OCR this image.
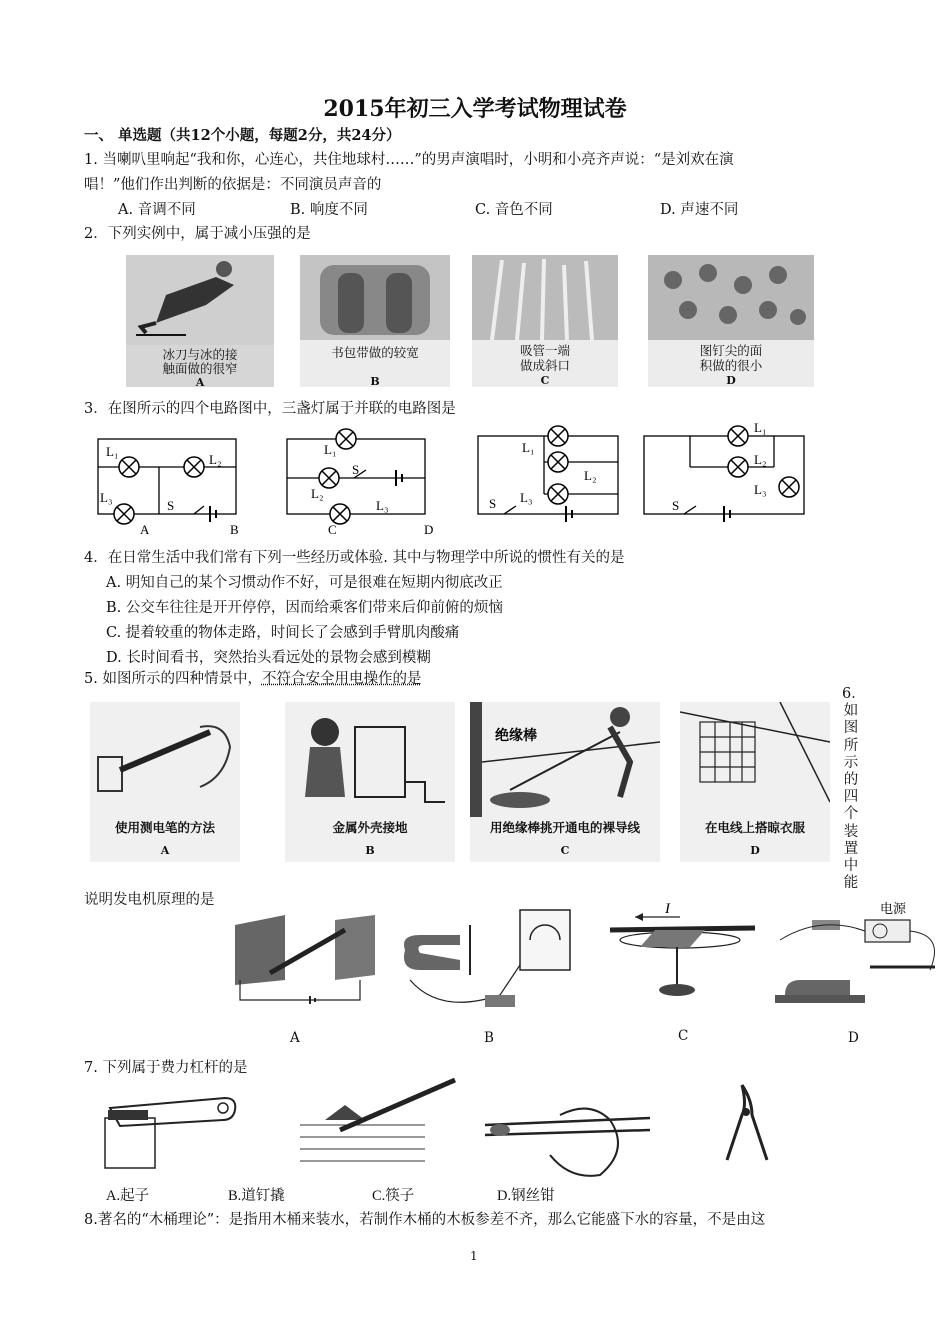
2015年初三入学考试物理试卷
一、 单选题（共12个小题，每题2分，共24分）
1. 当喇叭里响起“我和你，心连心，共住地球村……”的男声演唱时，小明和小亮齐声说：“是刘欢在演
唱！”他们作出判断的依据是：不同演员声音的
A. 音调不同	B. 响度不同	C. 音色不同	D. 声速不同
2．下列实例中，属于减小压强的是
冰刀与冰的接
触面做的很窄
A
书包带做的较宽
B
吸管一端
做成斜口
C
图钉尖的面
积做的很小
D
3．在图所示的四个电路图中，三盏灯属于并联的电路图是
L₁
L₂
L₃
S
A	B
L₁
S
L₂
L₃
C	D
L₁
L₂
L₃
S
L₁
L₂
L₃
S
4．在日常生活中我们常有下列一些经历或体验. 其中与物理学中所说的惯性有关的是
A. 明知自己的某个习惯动作不好，可是很难在短期内彻底改正
B. 公交车往往是开开停停，因而给乘客们带来后仰前俯的烦恼
C. 提着较重的物体走路，时间长了会感到手臂肌肉酸痛
D. 长时间看书，突然抬头看远处的景物会感到模糊
5. 如图所示的四种情景中，不符合安全用电操作的是
使用测电笔的方法
A
金属外壳接地
B
绝缘棒
用绝缘棒挑开通电的裸导线
C
在电线上搭晾衣服
D
6．如图所示的四个装置中能
说明发电机原理的是
A	B
I
C
电源
D
7. 下列属于费力杠杆的是
A.起子	B.道钉撬	C.筷子	D.钢丝钳
8.著名的“木桶理论”：是指用木桶来装水，若制作木桶的木板参差不齐，那么它能盛下水的容量，不是由这
1
